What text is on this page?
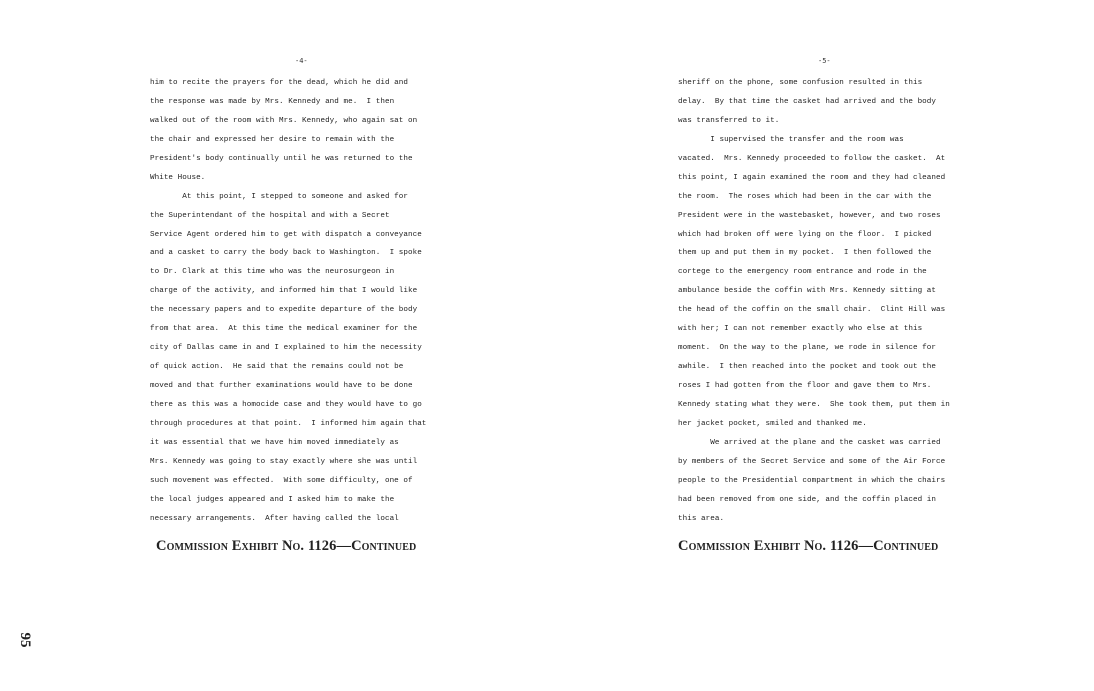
-4-
him to recite the prayers for the dead, which he did and
the response was made by Mrs. Kennedy and me.  I then
walked out of the room with Mrs. Kennedy, who again sat on
the chair and expressed her desire to remain with the
President's body continually until he was returned to the
White House.
At this point, I stepped to someone and asked for
the Superintendant of the hospital and with a Secret
Service Agent ordered him to get with dispatch a conveyance
and a casket to carry the body back to Washington.  I spoke
to Dr. Clark at this time who was the neurosurgeon in
charge of the activity, and informed him that I would like
the necessary papers and to expedite departure of the body
from that area.  At this time the medical examiner for the
city of Dallas came in and I explained to him the necessity
of quick action.  He said that the remains could not be
moved and that further examinations would have to be done
there as this was a homocide case and they would have to go
through procedures at that point.  I informed him again that
it was essential that we have him moved immediately as
Mrs. Kennedy was going to stay exactly where she was until
such movement was effected.  With some difficulty, one of
the local judges appeared and I asked him to make the
necessary arrangements.  After having called the local
Commission Exhibit No. 1126—Continued
-5-
sheriff on the phone, some confusion resulted in this
delay.  By that time the casket had arrived and the body
was transferred to it.
I supervised the transfer and the room was
vacated.  Mrs. Kennedy proceeded to follow the casket.  At
this point, I again examined the room and they had cleaned
the room.  The roses which had been in the car with the
President were in the wastebasket, however, and two roses
which had broken off were lying on the floor.  I picked
them up and put them in my pocket.  I then followed the
cortege to the emergency room entrance and rode in the
ambulance beside the coffin with Mrs. Kennedy sitting at
the head of the coffin on the small chair.  Clint Hill was
with her; I can not remember exactly who else at this
moment.  On the way to the plane, we rode in silence for
awhile.  I then reached into the pocket and took out the
roses I had gotten from the floor and gave them to Mrs.
Kennedy stating what they were.  She took them, put them in
her jacket pocket, smiled and thanked me.
We arrived at the plane and the casket was carried
by members of the Secret Service and some of the Air Force
people to the Presidential compartment in which the chairs
had been removed from one side, and the coffin placed in
this area.
Commission Exhibit No. 1126—Continued
95
